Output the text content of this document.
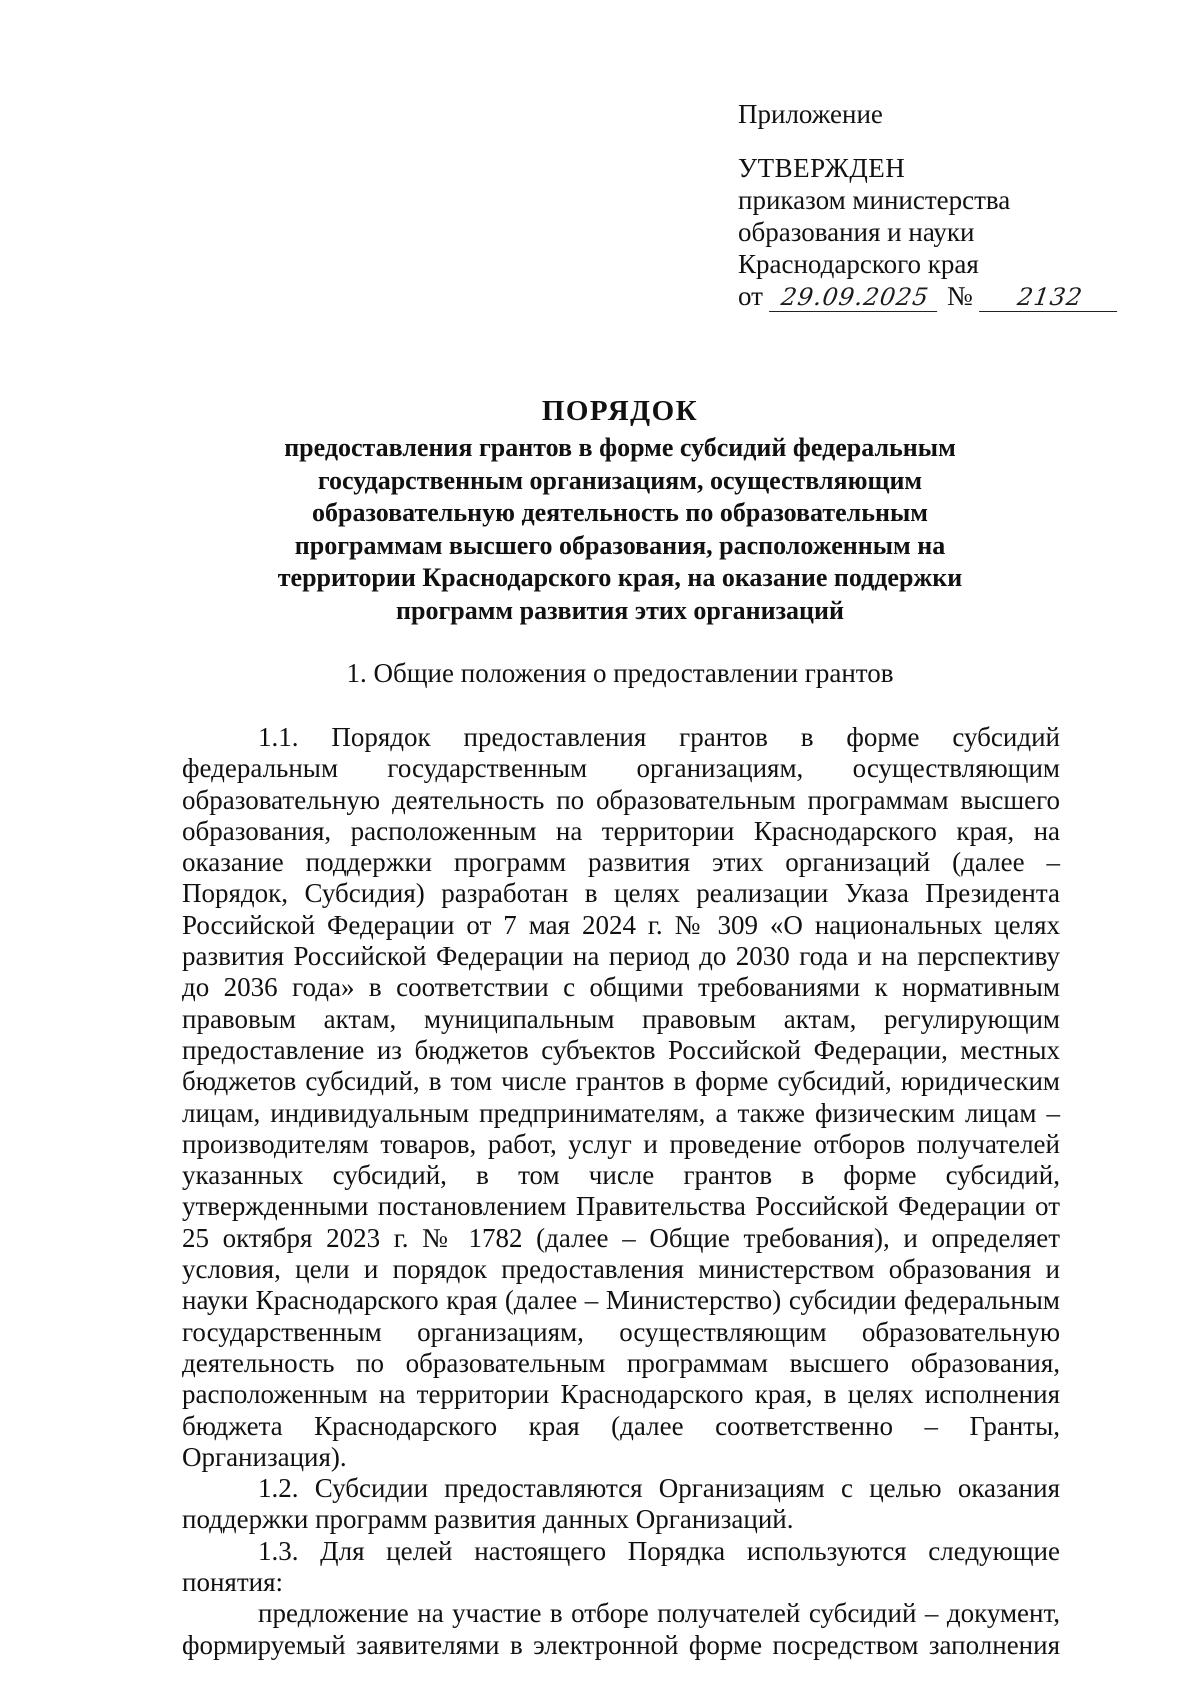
Приложение
УТВЕРЖДЕН
приказом министерства
образования и науки
Краснодарского края
от 29.09.2025 №	2132
ПОРЯДОК
предоставления грантов в форме субсидий федеральным
государственным организациям, осуществляющим
образовательную деятельность по образовательным
программам высшего образования, расположенным на
территории Краснодарского края, на оказание поддержки
программ развития этих организаций
1. Общие положения о предоставлении грантов

1.1. Порядок предоставления грантов в форме субсидий федеральным государственным организациям, осуществляющим образовательную деятельность по образовательным программам высшего образования, расположенным на территории Краснодарского края, на оказание поддержки программ развития этих организаций (далее – Порядок, Субсидия) разработан в целях реализации Указа Президента Российской Федерации от 7 мая 2024 г. № 309 «О национальных целях развития Российской Федерации на период до 2030 года и на перспективу до 2036 года» в соответствии с общими требованиями к нормативным правовым актам, муниципальным правовым актам, регулирующим предоставление из бюджетов субъектов Российской Федерации, местных бюджетов субсидий, в том числе грантов в форме субсидий, юридическим лицам, индивидуальным предпринимателям, а также физическим лицам – производителям товаров, работ, услуг и проведение отборов получателей указанных субсидий, в том числе грантов в форме субсидий, утвержденными постановлением Правительства Российской Федерации от 25 октября 2023 г. № 1782 (далее – Общие требования), и определяет условия, цели и порядок предоставления министерством образования и науки Краснодарского края (далее – Министерство) субсидии федеральным государственным организациям, осуществляющим образовательную деятельность по образовательным программам высшего образования, расположенным на территории Краснодарского края, в целях исполнения бюджета Краснодарского края (далее соответственно – Гранты, Организация).

1.2. Субсидии предоставляются Организациям с целью оказания поддержки программ развития данных Организаций.

1.3. Для целей настоящего Порядка используются следующие понятия:

предложение на участие в отборе получателей субсидий – документ, формируемый заявителями в электронной форме посредством заполнения
